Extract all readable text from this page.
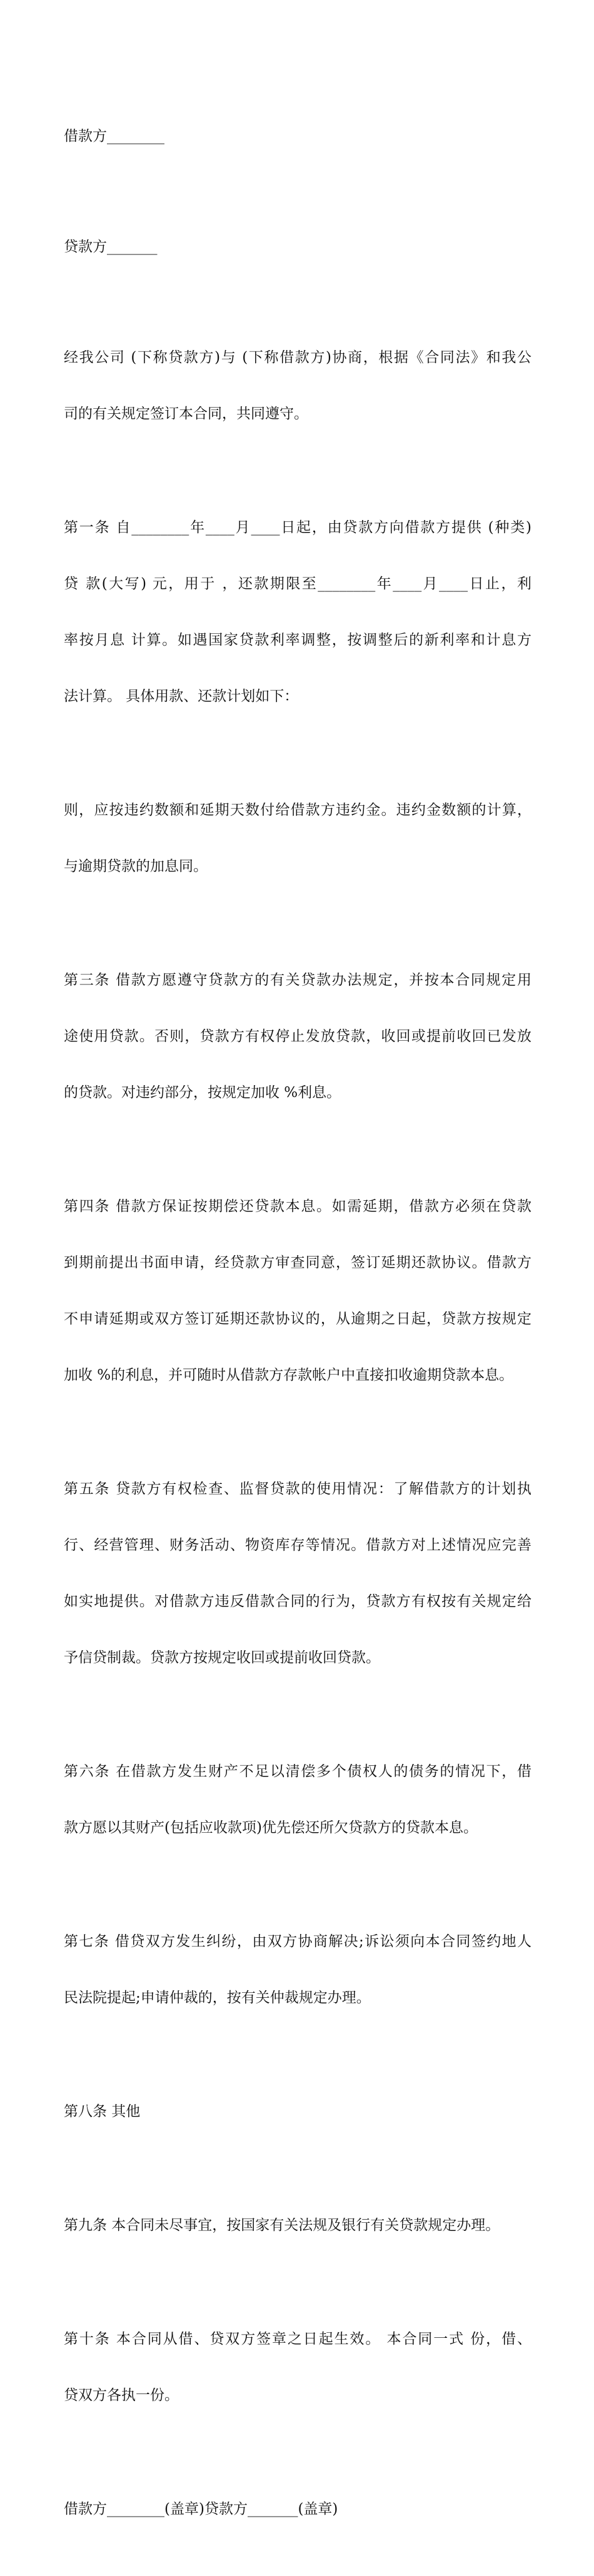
借款方________

贷款方_______

经我公司 (下称贷款方)与 (下称借款方)协商，根据《合同法》和我公

司的有关规定签订本合同，共同遵守。

第一条 自________年____月____日起，由贷款方向借款方提供 (种类)

贷 款(大写) 元，用于 ，还款期限至________年____月____日止，利

率按月息 计算。如遇国家贷款利率调整，按调整后的新利率和计息方

法计算。 具体用款、还款计划如下：

则，应按违约数额和延期天数付给借款方违约金。违约金数额的计算，

与逾期贷款的加息同。

第三条 借款方愿遵守贷款方的有关贷款办法规定，并按本合同规定用

途使用贷款。否则，贷款方有权停止发放贷款，收回或提前收回已发放

的贷款。对违约部分，按规定加收 %利息。

第四条 借款方保证按期偿还贷款本息。如需延期，借款方必须在贷款

到期前提出书面申请，经贷款方审查同意，签订延期还款协议。借款方

不申请延期或双方签订延期还款协议的，从逾期之日起，贷款方按规定

加收 %的利息，并可随时从借款方存款帐户中直接扣收逾期贷款本息。

第五条 贷款方有权检查、监督贷款的使用情况：了解借款方的计划执

行、经营管理、财务活动、物资库存等情况。借款方对上述情况应完善

如实地提供。对借款方违反借款合同的行为，贷款方有权按有关规定给

予信贷制裁。贷款方按规定收回或提前收回贷款。

第六条 在借款方发生财产不足以清偿多个债权人的债务的情况下，借

款方愿以其财产(包括应收款项)优先偿还所欠贷款方的贷款本息。

第七条 借贷双方发生纠纷，由双方协商解决;诉讼须向本合同签约地人

民法院提起;申请仲裁的，按有关仲裁规定办理。

第八条 其他

第九条 本合同未尽事宜，按国家有关法规及银行有关贷款规定办理。

第十条 本合同从借、贷双方签章之日起生效。 本合同一式 份，借、

贷双方各执一份。

借款方________(盖章)贷款方_______(盖章)
